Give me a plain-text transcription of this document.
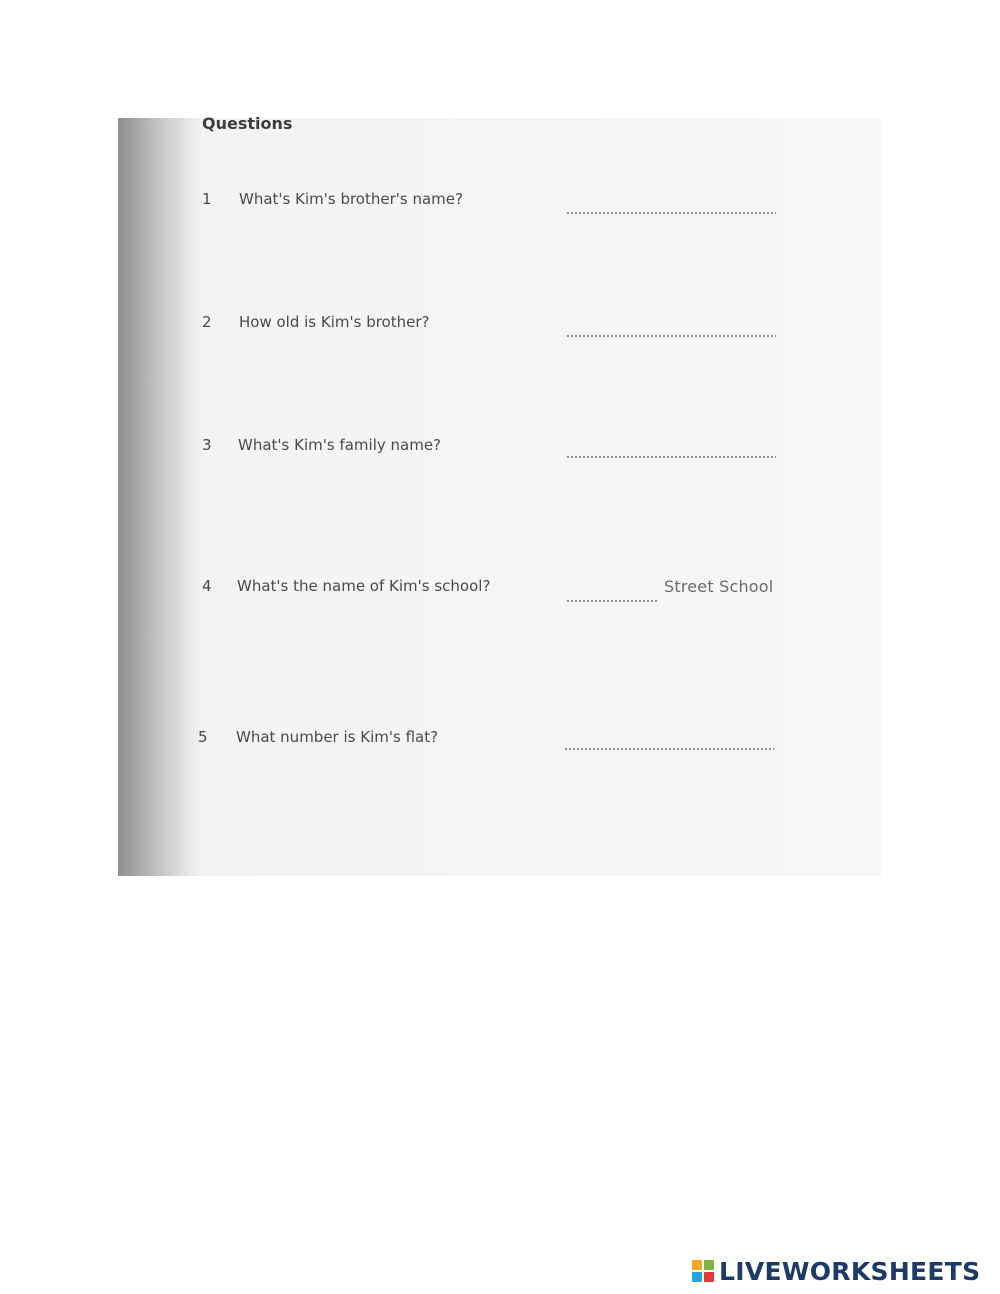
Questions
1 What's Kim's brother's name?
2 How old is Kim's brother?
3 What's Kim's family name?
4 What's the name of Kim's school?	Street School
5 What number is Kim's flat?
LIVEWORKSHEETS
